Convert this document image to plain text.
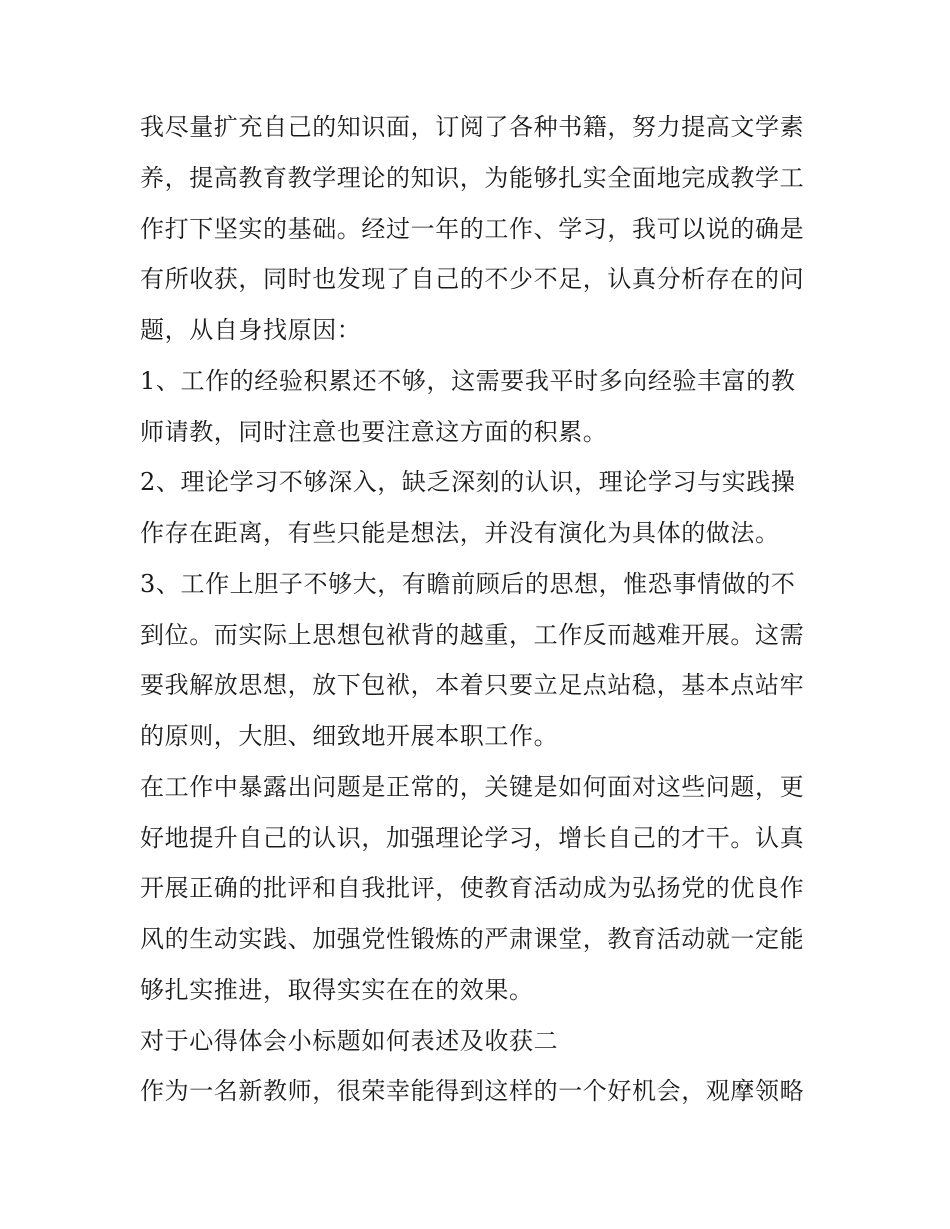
我尽量扩充自己的知识面，订阅了各种书籍，努力提高文学素
养，提高教育教学理论的知识，为能够扎实全面地完成教学工
作打下坚实的基础。经过一年的工作、学习，我可以说的确是
有所收获，同时也发现了自己的不少不足，认真分析存在的问
题，从自身找原因：
1、工作的经验积累还不够，这需要我平时多向经验丰富的教
师请教，同时注意也要注意这方面的积累。
2、理论学习不够深入，缺乏深刻的认识，理论学习与实践操
作存在距离，有些只能是想法，并没有演化为具体的做法。
3、工作上胆子不够大，有瞻前顾后的思想，惟恐事情做的不
到位。而实际上思想包袱背的越重，工作反而越难开展。这需
要我解放思想，放下包袱，本着只要立足点站稳，基本点站牢
的原则，大胆、细致地开展本职工作。
在工作中暴露出问题是正常的，关键是如何面对这些问题，更
好地提升自己的认识，加强理论学习，增长自己的才干。认真
开展正确的批评和自我批评，使教育活动成为弘扬党的优良作
风的生动实践、加强党性锻炼的严肃课堂，教育活动就一定能
够扎实推进，取得实实在在的效果。
对于心得体会小标题如何表述及收获二
作为一名新教师，很荣幸能得到这样的一个好机会，观摩领略
